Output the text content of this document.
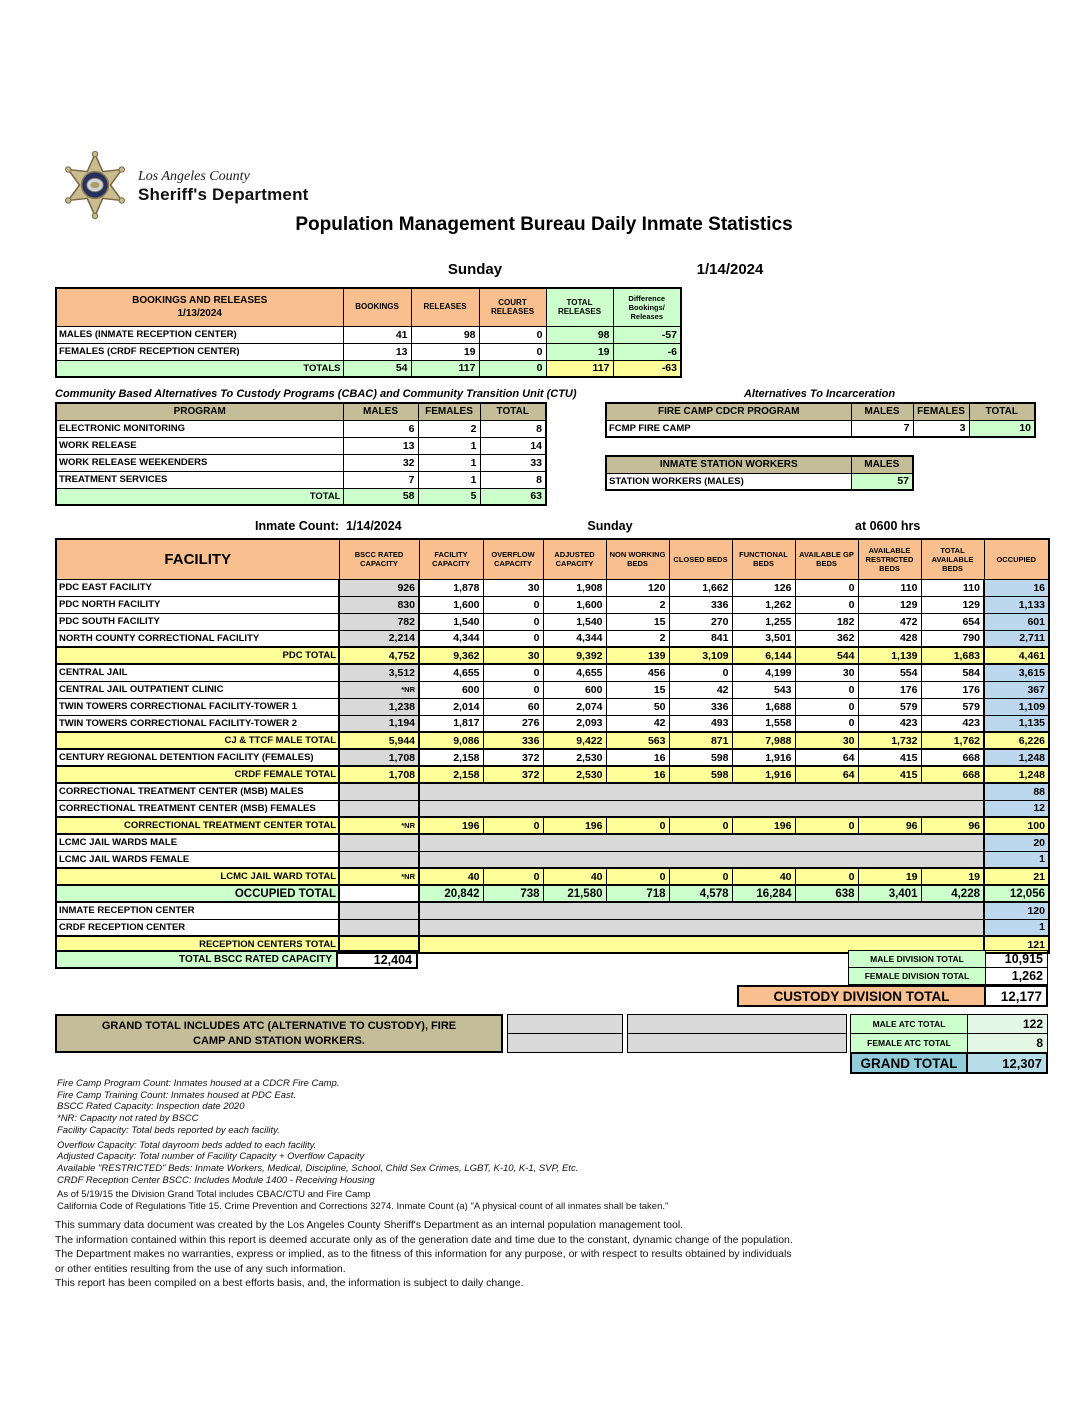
Los Angeles County
Sheriff's Department
Population Management Bureau Daily Inmate Statistics
Sunday	1/14/2024
BOOKINGS AND RELEASES
1/13/2024	BOOKINGS	RELEASES	COURT RELEASES	TOTAL RELEASES	Difference Bookings/ Releases
MALES (INMATE RECEPTION CENTER)	41	98	0	98	-57
FEMALES (CRDF RECEPTION CENTER)	13	19	0	19	-6
TOTALS	54	117	0	117	-63
Community Based Alternatives To Custody Programs (CBAC) and Community Transition Unit (CTU)
PROGRAM	MALES	FEMALES	TOTAL
ELECTRONIC MONITORING	6	2	8
WORK RELEASE	13	1	14
WORK RELEASE WEEKENDERS	32	1	33
TREATMENT SERVICES	7	1	8
TOTAL	58	5	63
Alternatives To Incarceration
FIRE CAMP CDCR PROGRAM	MALES	FEMALES	TOTAL
FCMP FIRE CAMP	7	3	10
INMATE STATION WORKERS	MALES
STATION WORKERS (MALES)	57
Inmate Count: 1/14/2024	Sunday	at 0600 hrs
FACILITY	BSCC RATED CAPACITY	FACILITY CAPACITY	OVERFLOW CAPACITY	ADJUSTED CAPACITY	NON WORKING BEDS	CLOSED BEDS	FUNCTIONAL BEDS	AVAILABLE GP BEDS	AVAILABLE RESTRICTED BEDS	TOTAL AVAILABLE BEDS	OCCUPIED
PDC EAST FACILITY	926	1,878	30	1,908	120	1,662	126	0	110	110	16
PDC NORTH FACILITY	830	1,600	0	1,600	2	336	1,262	0	129	129	1,133
PDC SOUTH FACILITY	782	1,540	0	1,540	15	270	1,255	182	472	654	601
NORTH COUNTY CORRECTIONAL FACILITY	2,214	4,344	0	4,344	2	841	3,501	362	428	790	2,711
PDC TOTAL	4,752	9,362	30	9,392	139	3,109	6,144	544	1,139	1,683	4,461
CENTRAL JAIL	3,512	4,655	0	4,655	456	0	4,199	30	554	584	3,615
CENTRAL JAIL OUTPATIENT CLINIC	*NR	600	0	600	15	42	543	0	176	176	367
TWIN TOWERS CORRECTIONAL FACILITY-TOWER 1	1,238	2,014	60	2,074	50	336	1,688	0	579	579	1,109
TWIN TOWERS CORRECTIONAL FACILITY-TOWER 2	1,194	1,817	276	2,093	42	493	1,558	0	423	423	1,135
CJ & TTCF MALE TOTAL	5,944	9,086	336	9,422	563	871	7,988	30	1,732	1,762	6,226
CENTURY REGIONAL DETENTION FACILITY (FEMALES)	1,708	2,158	372	2,530	16	598	1,916	64	415	668	1,248
CRDF FEMALE TOTAL	1,708	2,158	372	2,530	16	598	1,916	64	415	668	1,248
CORRECTIONAL TREATMENT CENTER (MSB) MALES											88
CORRECTIONAL TREATMENT CENTER (MSB) FEMALES											12
CORRECTIONAL TREATMENT CENTER TOTAL	*NR	196	0	196	0	0	196	0	96	96	100
LCMC JAIL WARDS MALE											20
LCMC JAIL WARDS FEMALE											1
LCMC JAIL WARD TOTAL	*NR	40	0	40	0	0	40	0	19	19	21
OCCUPIED TOTAL		20,842	738	21,580	718	4,578	16,284	638	3,401	4,228	12,056
INMATE RECEPTION CENTER											120
CRDF RECEPTION CENTER											1
RECEPTION CENTERS TOTAL											121
TOTAL BSCC RATED CAPACITY	12,404	MALE DIVISION TOTAL	10,915
FEMALE DIVISION TOTAL	1,262
CUSTODY DIVISION TOTAL	12,177
GRAND TOTAL INCLUDES ATC (ALTERNATIVE TO CUSTODY), FIRE CAMP AND STATION WORKERS.
MALE ATC TOTAL	122
FEMALE ATC TOTAL	8
GRAND TOTAL	12,307
Fire Camp Program Count: Inmates housed at a CDCR Fire Camp.
Fire Camp Training Count: Inmates housed at PDC East.
BSCC Rated Capacity: Inspection date 2020
*NR: Capacity not rated by BSCC
Facility Capacity: Total beds reported by each facility.
Overflow Capacity: Total dayroom beds added to each facility.
Adjusted Capacity: Total number of Facility Capacity + Overflow Capacity
Available "RESTRICTED" Beds: Inmate Workers, Medical, Discipline, School, Child Sex Crimes, LGBT, K-10, K-1, SVP, Etc.
CRDF Reception Center BSCC: Includes Module 1400 - Receiving Housing
As of 5/19/15 the Division Grand Total includes CBAC/CTU and Fire Camp
California Code of Regulations Title 15. Crime Prevention and Corrections 3274. Inmate Count (a) "A physical count of all inmates shall be taken."
This summary data document was created by the Los Angeles County Sheriff's Department as an internal population management tool.
The information contained within this report is deemed accurate only as of the generation date and time due to the constant, dynamic change of the population.
The Department makes no warranties, express or implied, as to the fitness of this information for any purpose, or with respect to results obtained by individuals
or other entities resulting from the use of any such information.
This report has been compiled on a best efforts basis, and, the information is subject to daily change.
